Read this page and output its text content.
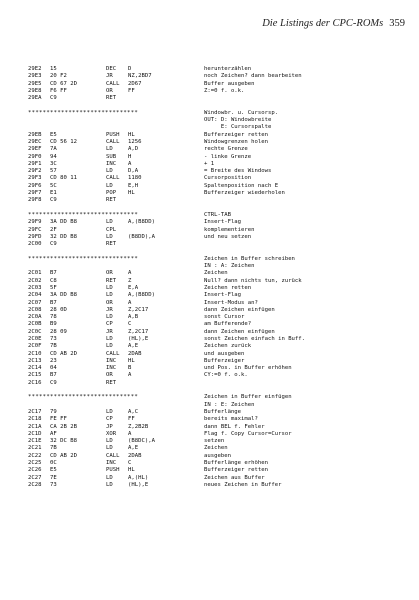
Die Listings der CPC-ROMs 359
29E2 15	DEC D	herunterzählen
29E3 20 F2	JR	NZ,2BD7	noch Zeichen? dann bearbeiten
29E5 CD 67 2D	CALL 2D67	Buffer ausgeben
29E8 F6 FF	OR	FF	Z:=0 f. o.k.
29EA C9	RET
******************************	Windowbr. u. Cursorsp.
OUT: D: Windowbreite
E: Cursorspalte
29EB E5	PUSH HL	Bufferzeiger retten
29EC CD 56 12	CALL 1256	Windowgrenzen holen
29EF 7A	LD	A,D	rechte Grenze
29F0 94	SUB H	- linke Grenze
29F1 3C	INC A	+ 1
29F2 57	LD	D,A	= Breite des Windows
29F3 CD 80 11	CALL 1180	Cursorposition
29F6 5C	LD	E,H	Spaltenposition nach E
29F7 E1	POP HL	Bufferzeiger wiederholen
29F8 C9	RET
******************************	CTRL-TAB
29F9 3A DD B8	LD	A,(B8DD)	Insert-Flag
29FC 2F	CPL	komplementieren
29FD 32 DD B8	LD	(B8DD),A	und neu setzen
2C00 C9	RET
******************************	Zeichen in Buffer schreiben
IN : A: Zeichen
2C01 B7	OR	A	Zeichen
2C02 C8	RET Z	Null? dann nichts tun, zurück
2C03 5F	LD	E,A	Zeichen retten
2C04 3A DD B8	LD	A,(B8DD)	Insert-Flag
2C07 B7	OR	A	Insert-Modus an?
2C08 28 0D	JR	Z,2C17	dann Zeichen einfügen
2C0A 78	LD	A,B	sonst Cursor
2C0B B9	CP	C	am Bufferende?
2C0C 28 09	JR	Z,2C17	dann Zeichen einfügen
2C0E 73	LD	(HL),E	sonst Zeichen einfach in Buff.
2C0F 7B	LD	A,E	Zeichen zurück
2C10 CD AB 2D	CALL 2DAB	und ausgeben
2C13 23	INC HL	Bufferzeiger
2C14 04	INC B	und Pos. in Buffer erhöhen
2C15 B7	OR	A	CY:=0 f. o.k.
2C16 C9	RET
******************************	Zeichen in Buffer einfügen
IN : E: Zeichen
2C17 79	LD	A,C	Bufferlänge
2C18 FE FF	CP	FF	bereits maximal?
2C1A CA 2B 2B	JP	Z,2B2B	dann BEL f. Fehler
2C1D AF	XOR A	Flag f. Copy Cursor=Cursor
2C1E 32 DC B8	LD	(B8DC),A	setzen
2C21 7B	LD	A,E	Zeichen
2C22 CD AB 2D	CALL 2DAB	ausgeben
2C25 0C	INC C	Bufferlänge erhöhen
2C26 E5	PUSH HL	Bufferzeiger retten
2C27 7E	LD	A,(HL)	Zeichen aus Buffer
2C28 73	LD	(HL),E	neues Zeichen in Buffer
